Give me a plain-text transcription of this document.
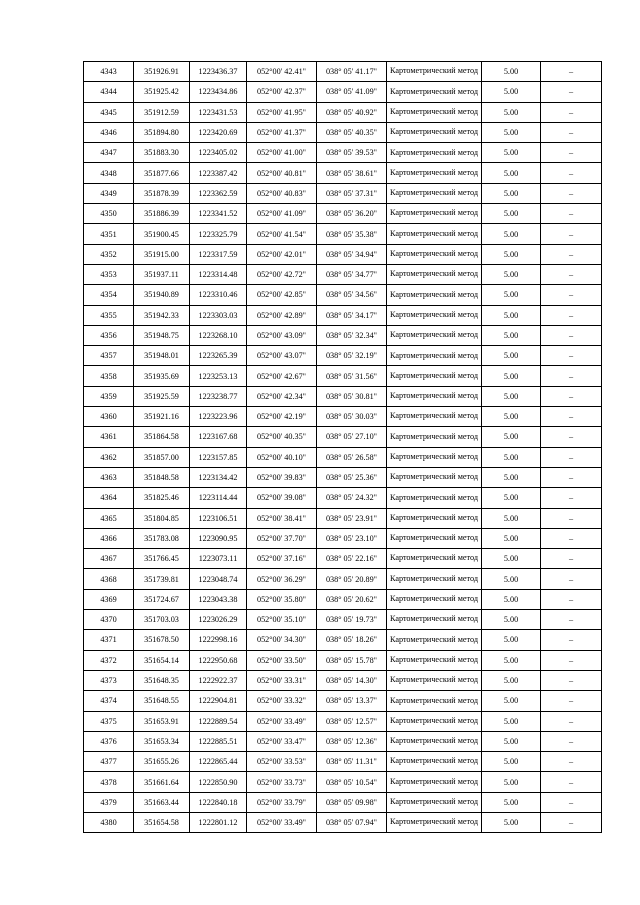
4343	351926.91	1223436.37	052°00' 42.41"	038° 05' 41.17"	Картометрический метод	5.00	–
4344	351925.42	1223434.86	052°00' 42.37"	038° 05' 41.09"	Картометрический метод	5.00	–
4345	351912.59	1223431.53	052°00' 41.95"	038° 05' 40.92"	Картометрический метод	5.00	–
4346	351894.80	1223420.69	052°00' 41.37"	038° 05' 40.35"	Картометрический метод	5.00	–
4347	351883.30	1223405.02	052°00' 41.00"	038° 05' 39.53"	Картометрический метод	5.00	–
4348	351877.66	1223387.42	052°00' 40.81"	038° 05' 38.61"	Картометрический метод	5.00	–
4349	351878.39	1223362.59	052°00' 40.83"	038° 05' 37.31"	Картометрический метод	5.00	–
4350	351886.39	1223341.52	052°00' 41.09"	038° 05' 36.20"	Картометрический метод	5.00	–
4351	351900.45	1223325.79	052°00' 41.54"	038° 05' 35.38"	Картометрический метод	5.00	–
4352	351915.00	1223317.59	052°00' 42.01"	038° 05' 34.94"	Картометрический метод	5.00	–
4353	351937.11	1223314.48	052°00' 42.72"	038° 05' 34.77"	Картометрический метод	5.00	–
4354	351940.89	1223310.46	052°00' 42.85"	038° 05' 34.56"	Картометрический метод	5.00	–
4355	351942.33	1223303.03	052°00' 42.89"	038° 05' 34.17"	Картометрический метод	5.00	–
4356	351948.75	1223268.10	052°00' 43.09"	038° 05' 32.34"	Картометрический метод	5.00	–
4357	351948.01	1223265.39	052°00' 43.07"	038° 05' 32.19"	Картометрический метод	5.00	–
4358	351935.69	1223253.13	052°00' 42.67"	038° 05' 31.56"	Картометрический метод	5.00	–
4359	351925.59	1223238.77	052°00' 42.34"	038° 05' 30.81"	Картометрический метод	5.00	–
4360	351921.16	1223223.96	052°00' 42.19"	038° 05' 30.03"	Картометрический метод	5.00	–
4361	351864.58	1223167.68	052°00' 40.35"	038° 05' 27.10"	Картометрический метод	5.00	–
4362	351857.00	1223157.85	052°00' 40.10"	038° 05' 26.58"	Картометрический метод	5.00	–
4363	351848.58	1223134.42	052°00' 39.83"	038° 05' 25.36"	Картометрический метод	5.00	–
4364	351825.46	1223114.44	052°00' 39.08"	038° 05' 24.32"	Картометрический метод	5.00	–
4365	351804.85	1223106.51	052°00' 38.41"	038° 05' 23.91"	Картометрический метод	5.00	–
4366	351783.08	1223090.95	052°00' 37.70"	038° 05' 23.10"	Картометрический метод	5.00	–
4367	351766.45	1223073.11	052°00' 37.16"	038° 05' 22.16"	Картометрический метод	5.00	–
4368	351739.81	1223048.74	052°00' 36.29"	038° 05' 20.89"	Картометрический метод	5.00	–
4369	351724.67	1223043.38	052°00' 35.80"	038° 05' 20.62"	Картометрический метод	5.00	–
4370	351703.03	1223026.29	052°00' 35.10"	038° 05' 19.73"	Картометрический метод	5.00	–
4371	351678.50	1222998.16	052°00' 34.30"	038° 05' 18.26"	Картометрический метод	5.00	–
4372	351654.14	1222950.68	052°00' 33.50"	038° 05' 15.78"	Картометрический метод	5.00	–
4373	351648.35	1222922.37	052°00' 33.31"	038° 05' 14.30"	Картометрический метод	5.00	–
4374	351648.55	1222904.81	052°00' 33.32"	038° 05' 13.37"	Картометрический метод	5.00	–
4375	351653.91	1222889.54	052°00' 33.49"	038° 05' 12.57"	Картометрический метод	5.00	–
4376	351653.34	1222885.51	052°00' 33.47"	038° 05' 12.36"	Картометрический метод	5.00	–
4377	351655.26	1222865.44	052°00' 33.53"	038° 05' 11.31"	Картометрический метод	5.00	–
4378	351661.64	1222850.90	052°00' 33.73"	038° 05' 10.54"	Картометрический метод	5.00	–
4379	351663.44	1222840.18	052°00' 33.79"	038° 05' 09.98"	Картометрический метод	5.00	–
4380	351654.58	1222801.12	052°00' 33.49"	038° 05' 07.94"	Картометрический метод	5.00	–
